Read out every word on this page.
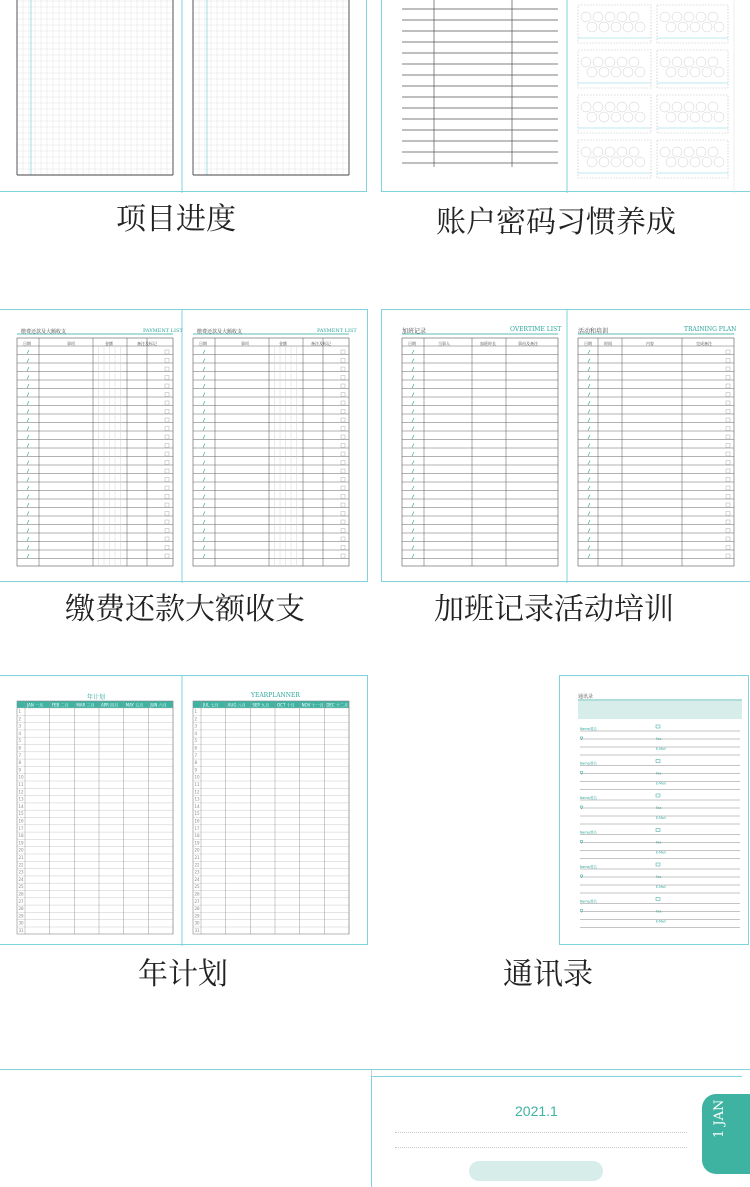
项目进度	账户密码习惯养成
缴费还款及大额收支	PAYMENT LIST	缴费还款及大额收支	PAYMENT LIST
日期	事项	金额	备注及标记	日期	事项	金额	备注及标记
缴费还款大额收支
加班记录	OVERTIME LIST
日期	当事人	加班时长	事由及备注
活动和培训	TRAINING PLAN
日期	时间	内容	完成备注
加班记录活动培训
年计划	YEARPLANNER
JAN 一月 FEB 二月 MAR 三月 APR 四月 MAY 五月 JUN 六月
1
2
3
4
5
6
7
8
9
10
11
12
13
14
15
16
17
18
19
20
21
22
23
24
25
26
27
28
29
30
31
JUL 七月 AUG 八月 SEP 九月 OCT 十月 NOV 十一月 DEC 十二月
1
2
3
4
5
6
7
8
9
10
11
12
13
14
15
16
17
18
19
20
21
22
23
24
25
26
27
28
29
30
31
年计划
通讯录
Name/姓名
Fax
E-Mail
Name/姓名
Fax
E-Mail
Name/姓名
Fax
E-Mail
Name/姓名
Fax
E-Mail
Name/姓名
Fax
E-Mail
Name/姓名
Fax
E-Mail
通讯录
2021.1	1 JAN
